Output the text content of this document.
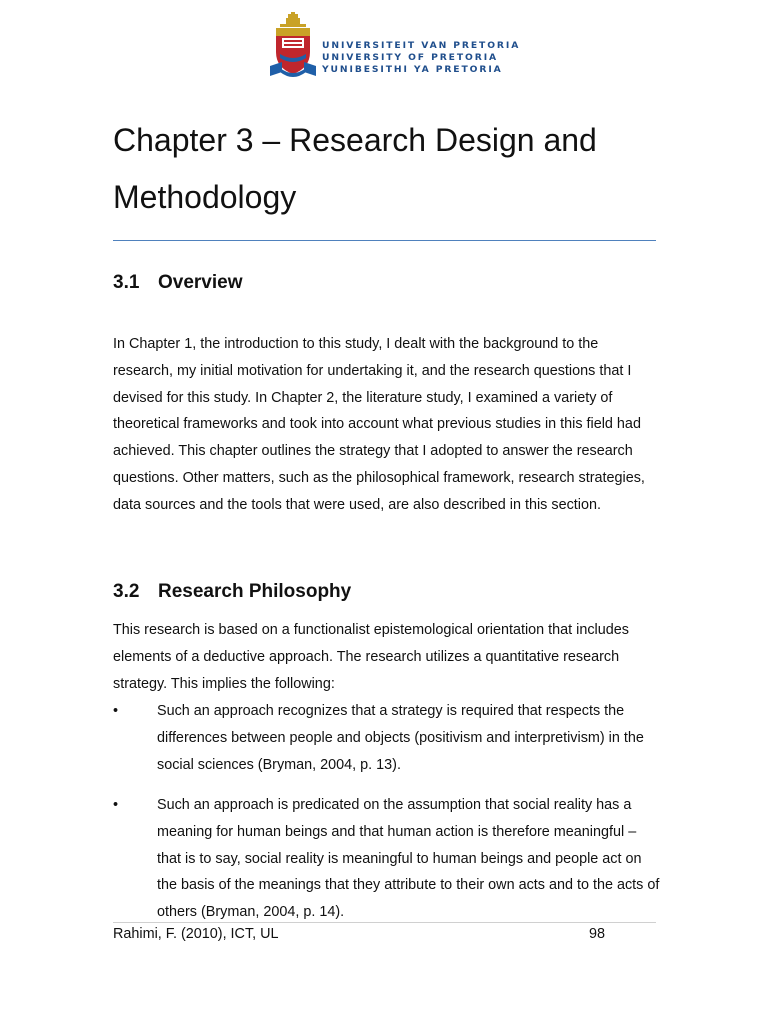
UNIVERSITEIT VAN PRETORIA
UNIVERSITY OF PRETORIA
YUNIBESITHI YA PRETORIA
Chapter 3 – Research Design and Methodology
3.1 Overview

In Chapter 1, the introduction to this study, I dealt with the background to the research, my initial motivation for undertaking it, and the research questions that I devised for this study. In Chapter 2, the literature study, I examined a variety of theoretical frameworks and took into account what previous studies in this field had achieved. This chapter outlines the strategy that I adopted to answer the research questions. Other matters, such as the philosophical framework, research strategies, data sources and the tools that were used, are also described in this section.

3.2 Research Philosophy

This research is based on a functionalist epistemological orientation that includes elements of a deductive approach. The research utilizes a quantitative research strategy. This implies the following:

•	Such an approach recognizes that a strategy is required that respects the differences between people and objects (positivism and interpretivism) in the social sciences (Bryman, 2004, p. 13).

•	Such an approach is predicated on the assumption that social reality has a meaning for human beings and that human action is therefore meaningful – that is to say, social reality is meaningful to human beings and people act on the basis of the meanings that they attribute to their own acts and to the acts of others (Bryman, 2004, p. 14).

Rahimi, F. (2010), ICT, UL	98
